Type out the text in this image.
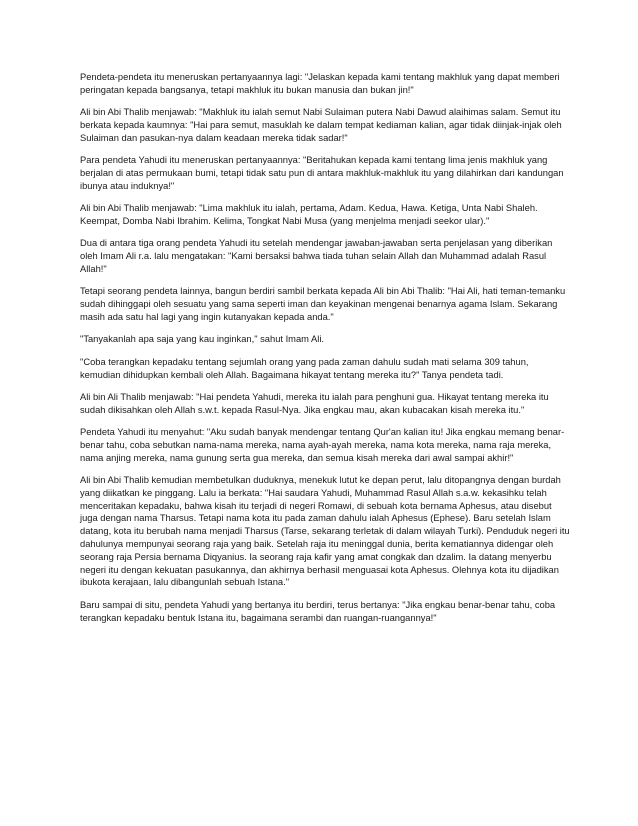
Pendeta-pendeta itu meneruskan pertanyaannya lagi: "Jelaskan kepada kami tentang makhluk yang dapat memberi peringatan kepada bangsanya, tetapi makhluk itu bukan manusia dan bukan jin!"

Ali bin Abi Thalib menjawab: "Makhluk itu ialah semut Nabi Sulaiman putera Nabi Dawud alaihimas salam. Semut itu berkata kepada kaumnya: "Hai para semut, masuklah ke dalam tempat kediaman kalian, agar tidak diinjak-injak oleh Sulaiman dan pasukan-nya dalam keadaan mereka tidak sadar!"

Para pendeta Yahudi itu meneruskan pertanyaannya: "Beritahukan kepada kami tentang lima jenis makhluk yang berjalan di atas permukaan bumi, tetapi tidak satu pun di antara makhluk-makhluk itu yang dilahirkan dari kandungan ibunya atau induknya!"

Ali bin Abi Thalib menjawab: "Lima makhluk itu ialah, pertama, Adam. Kedua, Hawa. Ketiga, Unta Nabi Shaleh. Keempat, Domba Nabi Ibrahim. Kelima, Tongkat Nabi Musa (yang menjelma menjadi seekor ular)."

Dua di antara tiga orang pendeta Yahudi itu setelah mendengar jawaban-jawaban serta penjelasan yang diberikan oleh Imam Ali r.a. lalu mengatakan: "Kami bersaksi bahwa tiada tuhan selain Allah dan Muhammad adalah Rasul Allah!"

Tetapi seorang pendeta lainnya, bangun berdiri sambil berkata kepada Ali bin Abi Thalib: "Hai Ali, hati teman-temanku sudah dihinggapi oleh sesuatu yang sama seperti iman dan keyakinan mengenai benarnya agama Islam. Sekarang masih ada satu hal lagi yang ingin kutanyakan kepada anda."

"Tanyakanlah apa saja yang kau inginkan," sahut Imam Ali.

"Coba terangkan kepadaku tentang sejumlah orang yang pada zaman dahulu sudah mati selama 309 tahun, kemudian dihidupkan kembali oleh Allah. Bagaimana hikayat tentang mereka itu?" Tanya pendeta tadi.

Ali bin Ali Thalib menjawab: "Hai pendeta Yahudi, mereka itu ialah para penghuni gua. Hikayat tentang mereka itu sudah dikisahkan oleh Allah s.w.t. kepada Rasul-Nya. Jika engkau mau, akan kubacakan kisah mereka itu."

Pendeta Yahudi itu menyahut: "Aku sudah banyak mendengar tentang Qur'an kalian itu! Jika engkau memang benar-benar tahu, coba sebutkan nama-nama mereka, nama ayah-ayah mereka, nama kota mereka, nama raja mereka, nama anjing mereka, nama gunung serta gua mereka, dan semua kisah mereka dari awal sampai akhir!"

Ali bin Abi Thalib kemudian membetulkan duduknya, menekuk lutut ke depan perut, lalu ditopangnya dengan burdah yang diikatkan ke pinggang. Lalu ia berkata: "Hai saudara Yahudi, Muhammad Rasul Allah s.a.w. kekasihku telah menceritakan kepadaku, bahwa kisah itu terjadi di negeri Romawi, di sebuah kota bernama Aphesus, atau disebut juga dengan nama Tharsus. Tetapi nama kota itu pada zaman dahulu ialah Aphesus (Ephese). Baru setelah Islam datang, kota itu berubah nama menjadi Tharsus (Tarse, sekarang terletak di dalam wilayah Turki). Penduduk negeri itu dahulunya mempunyai seorang raja yang baik. Setelah raja itu meninggal dunia, berita kematiannya didengar oleh seorang raja Persia bernama Diqyanius. Ia seorang raja kafir yang amat congkak dan dzalim. Ia datang menyerbu negeri itu dengan kekuatan pasukannya, dan akhirnya berhasil menguasai kota Aphesus. Olehnya kota itu dijadikan ibukota kerajaan, lalu dibangunlah sebuah Istana."

Baru sampai di situ, pendeta Yahudi yang bertanya itu berdiri, terus bertanya: "Jika engkau benar-benar tahu, coba terangkan kepadaku bentuk Istana itu, bagaimana serambi dan ruangan-ruangannya!"
